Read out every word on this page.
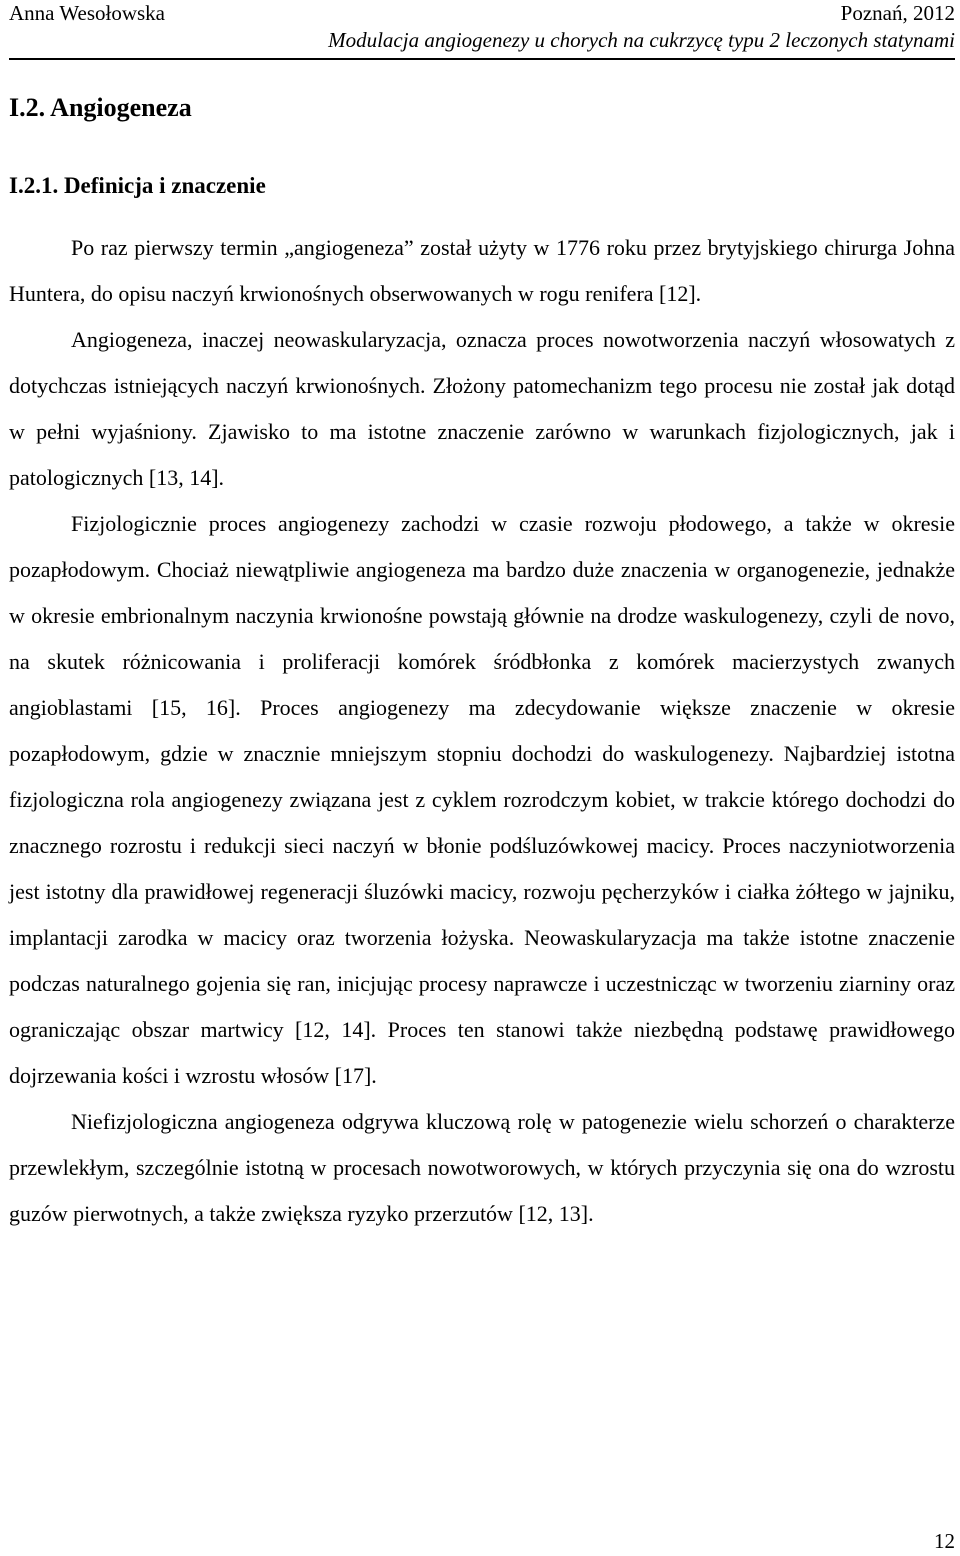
Anna Wesołowska	Poznań, 2012
Modulacja angiogenezy u chorych na cukrzycę typu 2 leczonych statynami
I.2. Angiogeneza
I.2.1. Definicja i znaczenie

Po raz pierwszy termin „angiogeneza” został użyty w 1776 roku przez brytyjskiego chirurga Johna Huntera, do opisu naczyń krwionośnych obserwowanych w rogu renifera [12].

Angiogeneza, inaczej neowaskularyzacja, oznacza proces nowotworzenia naczyń włosowatych z dotychczas istniejących naczyń krwionośnych. Złożony patomechanizm tego procesu nie został jak dotąd w pełni wyjaśniony. Zjawisko to ma istotne znaczenie zarówno w warunkach fizjologicznych, jak i patologicznych [13, 14].

Fizjologicznie proces angiogenezy zachodzi w czasie rozwoju płodowego, a także w okresie pozapłodowym. Chociaż niewątpliwie angiogeneza ma bardzo duże znaczenia w organogenezie, jednakże w okresie embrionalnym naczynia krwionośne powstają głównie na drodze waskulogenezy, czyli de novo, na skutek różnicowania i proliferacji komórek śródbłonka z komórek macierzystych zwanych angioblastami [15, 16]. Proces angiogenezy ma zdecydowanie większe znaczenie w okresie pozapłodowym, gdzie w znacznie mniejszym stopniu dochodzi do waskulogenezy. Najbardziej istotna fizjologiczna rola angiogenezy związana jest z cyklem rozrodczym kobiet, w trakcie którego dochodzi do znacznego rozrostu i redukcji sieci naczyń w błonie podśluzówkowej macicy. Proces naczyniotworzenia jest istotny dla prawidłowej regeneracji śluzówki macicy, rozwoju pęcherzyków i ciałka żółtego w jajniku, implantacji zarodka w macicy oraz tworzenia łożyska. Neowaskularyzacja ma także istotne znaczenie podczas naturalnego gojenia się ran, inicjując procesy naprawcze i uczestnicząc w tworzeniu ziarniny oraz ograniczając obszar martwicy [12, 14]. Proces ten stanowi także niezbędną podstawę prawidłowego dojrzewania kości i wzrostu włosów [17].

Niefizjologiczna angiogeneza odgrywa kluczową rolę w patogenezie wielu schorzeń o charakterze przewlekłym, szczególnie istotną w procesach nowotworowych, w których przyczynia się ona do wzrostu guzów pierwotnych, a także zwiększa ryzyko przerzutów [12, 13].

12
